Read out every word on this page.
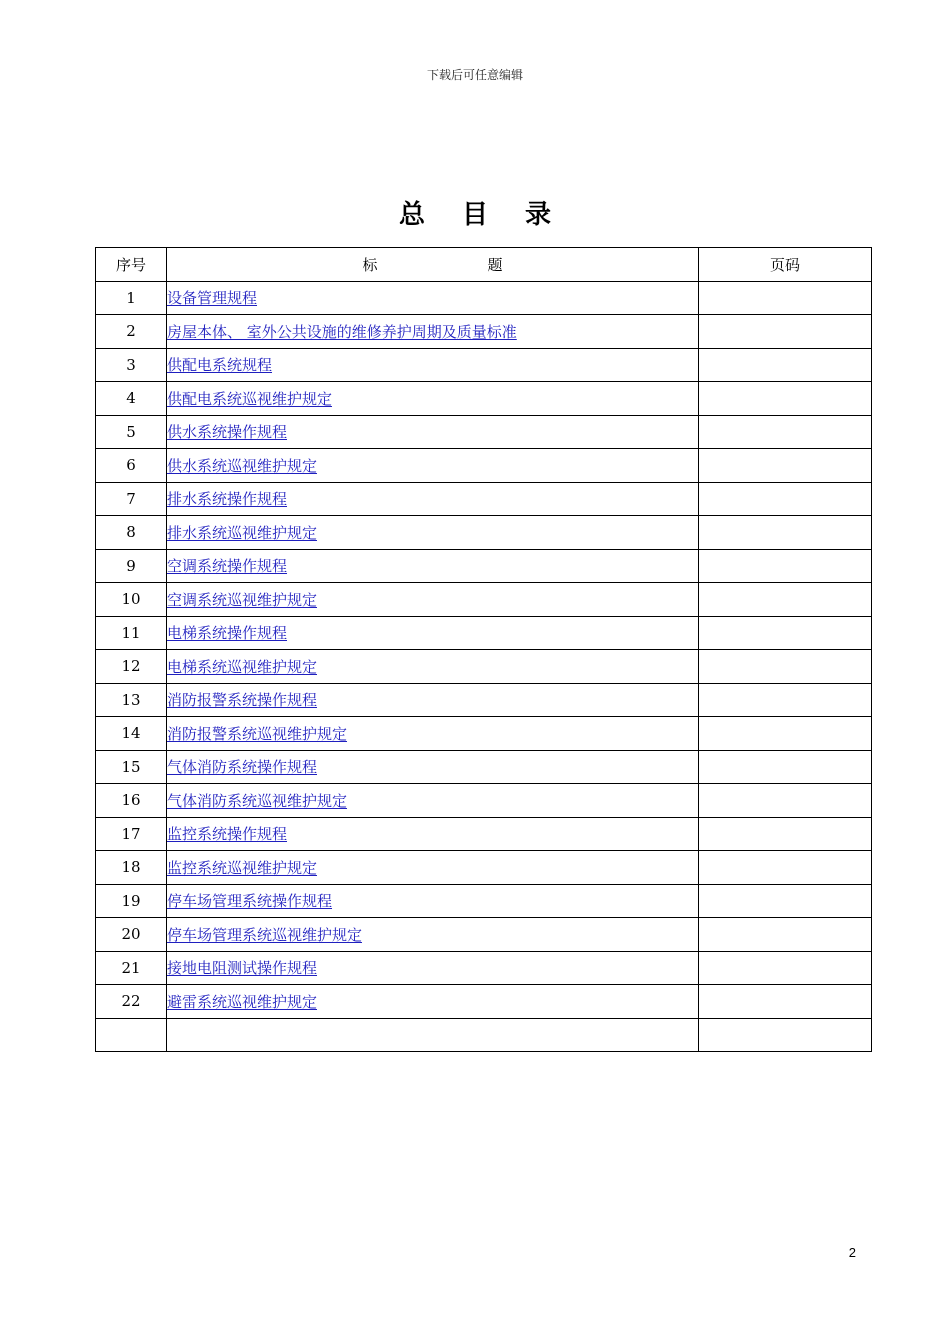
下载后可任意编辑
总 目 录
序号	标 题	页码
1	设备管理规程	
2	房屋本体、 室外公共设施的维修养护周期及质量标准	
3	供配电系统规程	
4	供配电系统巡视维护规定	
5	供水系统操作规程	
6	供水系统巡视维护规定	
7	排水系统操作规程	
8	排水系统巡视维护规定	
9	空调系统操作规程	
10	空调系统巡视维护规定	
11	电梯系统操作规程	
12	电梯系统巡视维护规定	
13	消防报警系统操作规程	
14	消防报警系统巡视维护规定	
15	气体消防系统操作规程	
16	气体消防系统巡视维护规定	
17	监控系统操作规程	
18	监控系统巡视维护规定	
19	停车场管理系统操作规程	
20	停车场管理系统巡视维护规定	
21	接地电阻测试操作规程	
22	避雷系统巡视维护规定	

2
